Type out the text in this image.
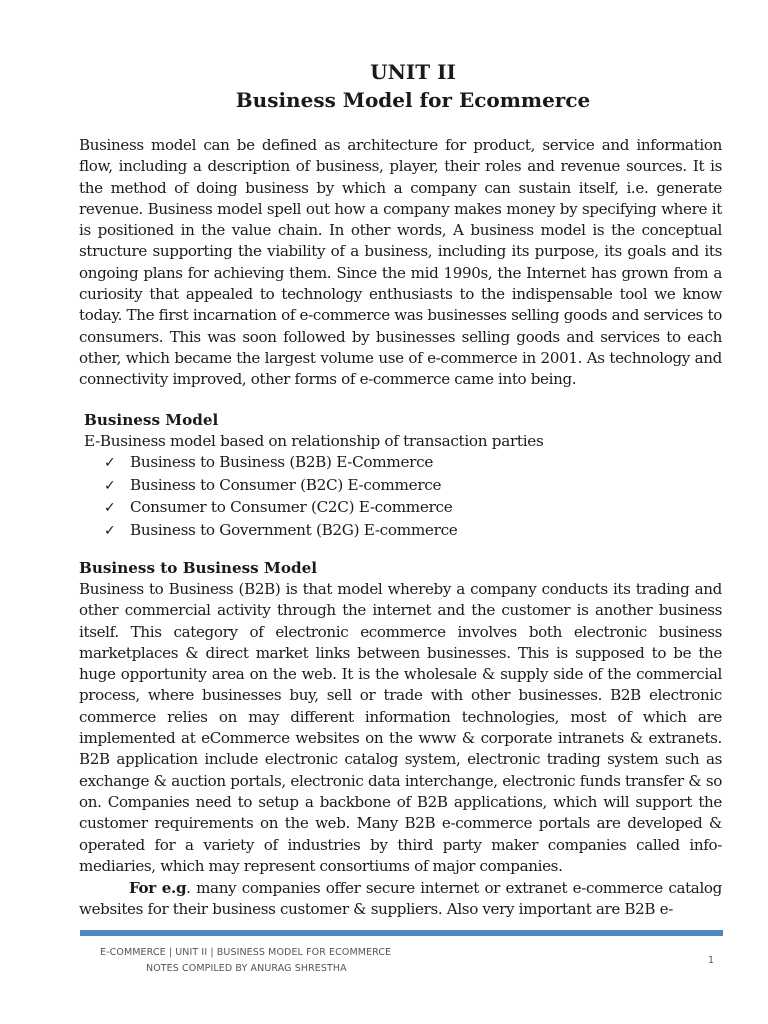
UNIT II
Business Model for Ecommerce

Business model can be defined as architecture for product, service and information flow, including a description of business, player, their roles and revenue sources. It is the method of doing business by which a company can sustain itself, i.e. generate revenue. Business model spell out how a company makes money by specifying where it is positioned in the value chain. In other words, A business model is the conceptual structure supporting the viability of a business, including its purpose, its goals and its ongoing plans for achieving them. Since the mid 1990s, the Internet has grown from a curiosity that appealed to technology enthusiasts to the indispensable tool we know today. The first incarnation of e-commerce was businesses selling goods and services to consumers. This was soon followed by businesses selling goods and services to each other, which became the largest volume use of e-commerce in 2001. As technology and connectivity improved, other forms of e-commerce came into being.

Business Model
E-Business model based on relationship of transaction parties
✓ Business to Business (B2B) E-Commerce
✓ Business to Consumer (B2C) E-commerce
✓ Consumer to Consumer (C2C) E-commerce
✓ Business to Government (B2G) E-commerce
Business to Business Model

Business to Business (B2B) is that model whereby a company conducts its trading and other commercial activity through the internet and the customer is another business itself. This category of electronic ecommerce involves both electronic business marketplaces & direct market links between businesses. This is supposed to be the huge opportunity area on the web. It is the wholesale & supply side of the commercial process, where businesses buy, sell or trade with other businesses. B2B electronic commerce relies on may different information technologies, most of which are implemented at eCommerce websites on the www & corporate intranets & extranets. B2B application include electronic catalog system, electronic trading system such as exchange & auction portals, electronic data interchange, electronic funds transfer & so on. Companies need to setup a backbone of B2B applications, which will support the customer requirements on the web. Many B2B e-commerce portals are developed & operated for a variety of industries by third party maker companies called info-mediaries, which may represent consortiums of major companies.

For e.g. many companies offer secure internet or extranet e-commerce catalog websites for their business customer & suppliers. Also very important are B2B e-

E-COMMERCE | UNIT II | BUSINESS MODEL FOR ECOMMERCE
NOTES COMPILED BY ANURAG SHRESTHA
1
